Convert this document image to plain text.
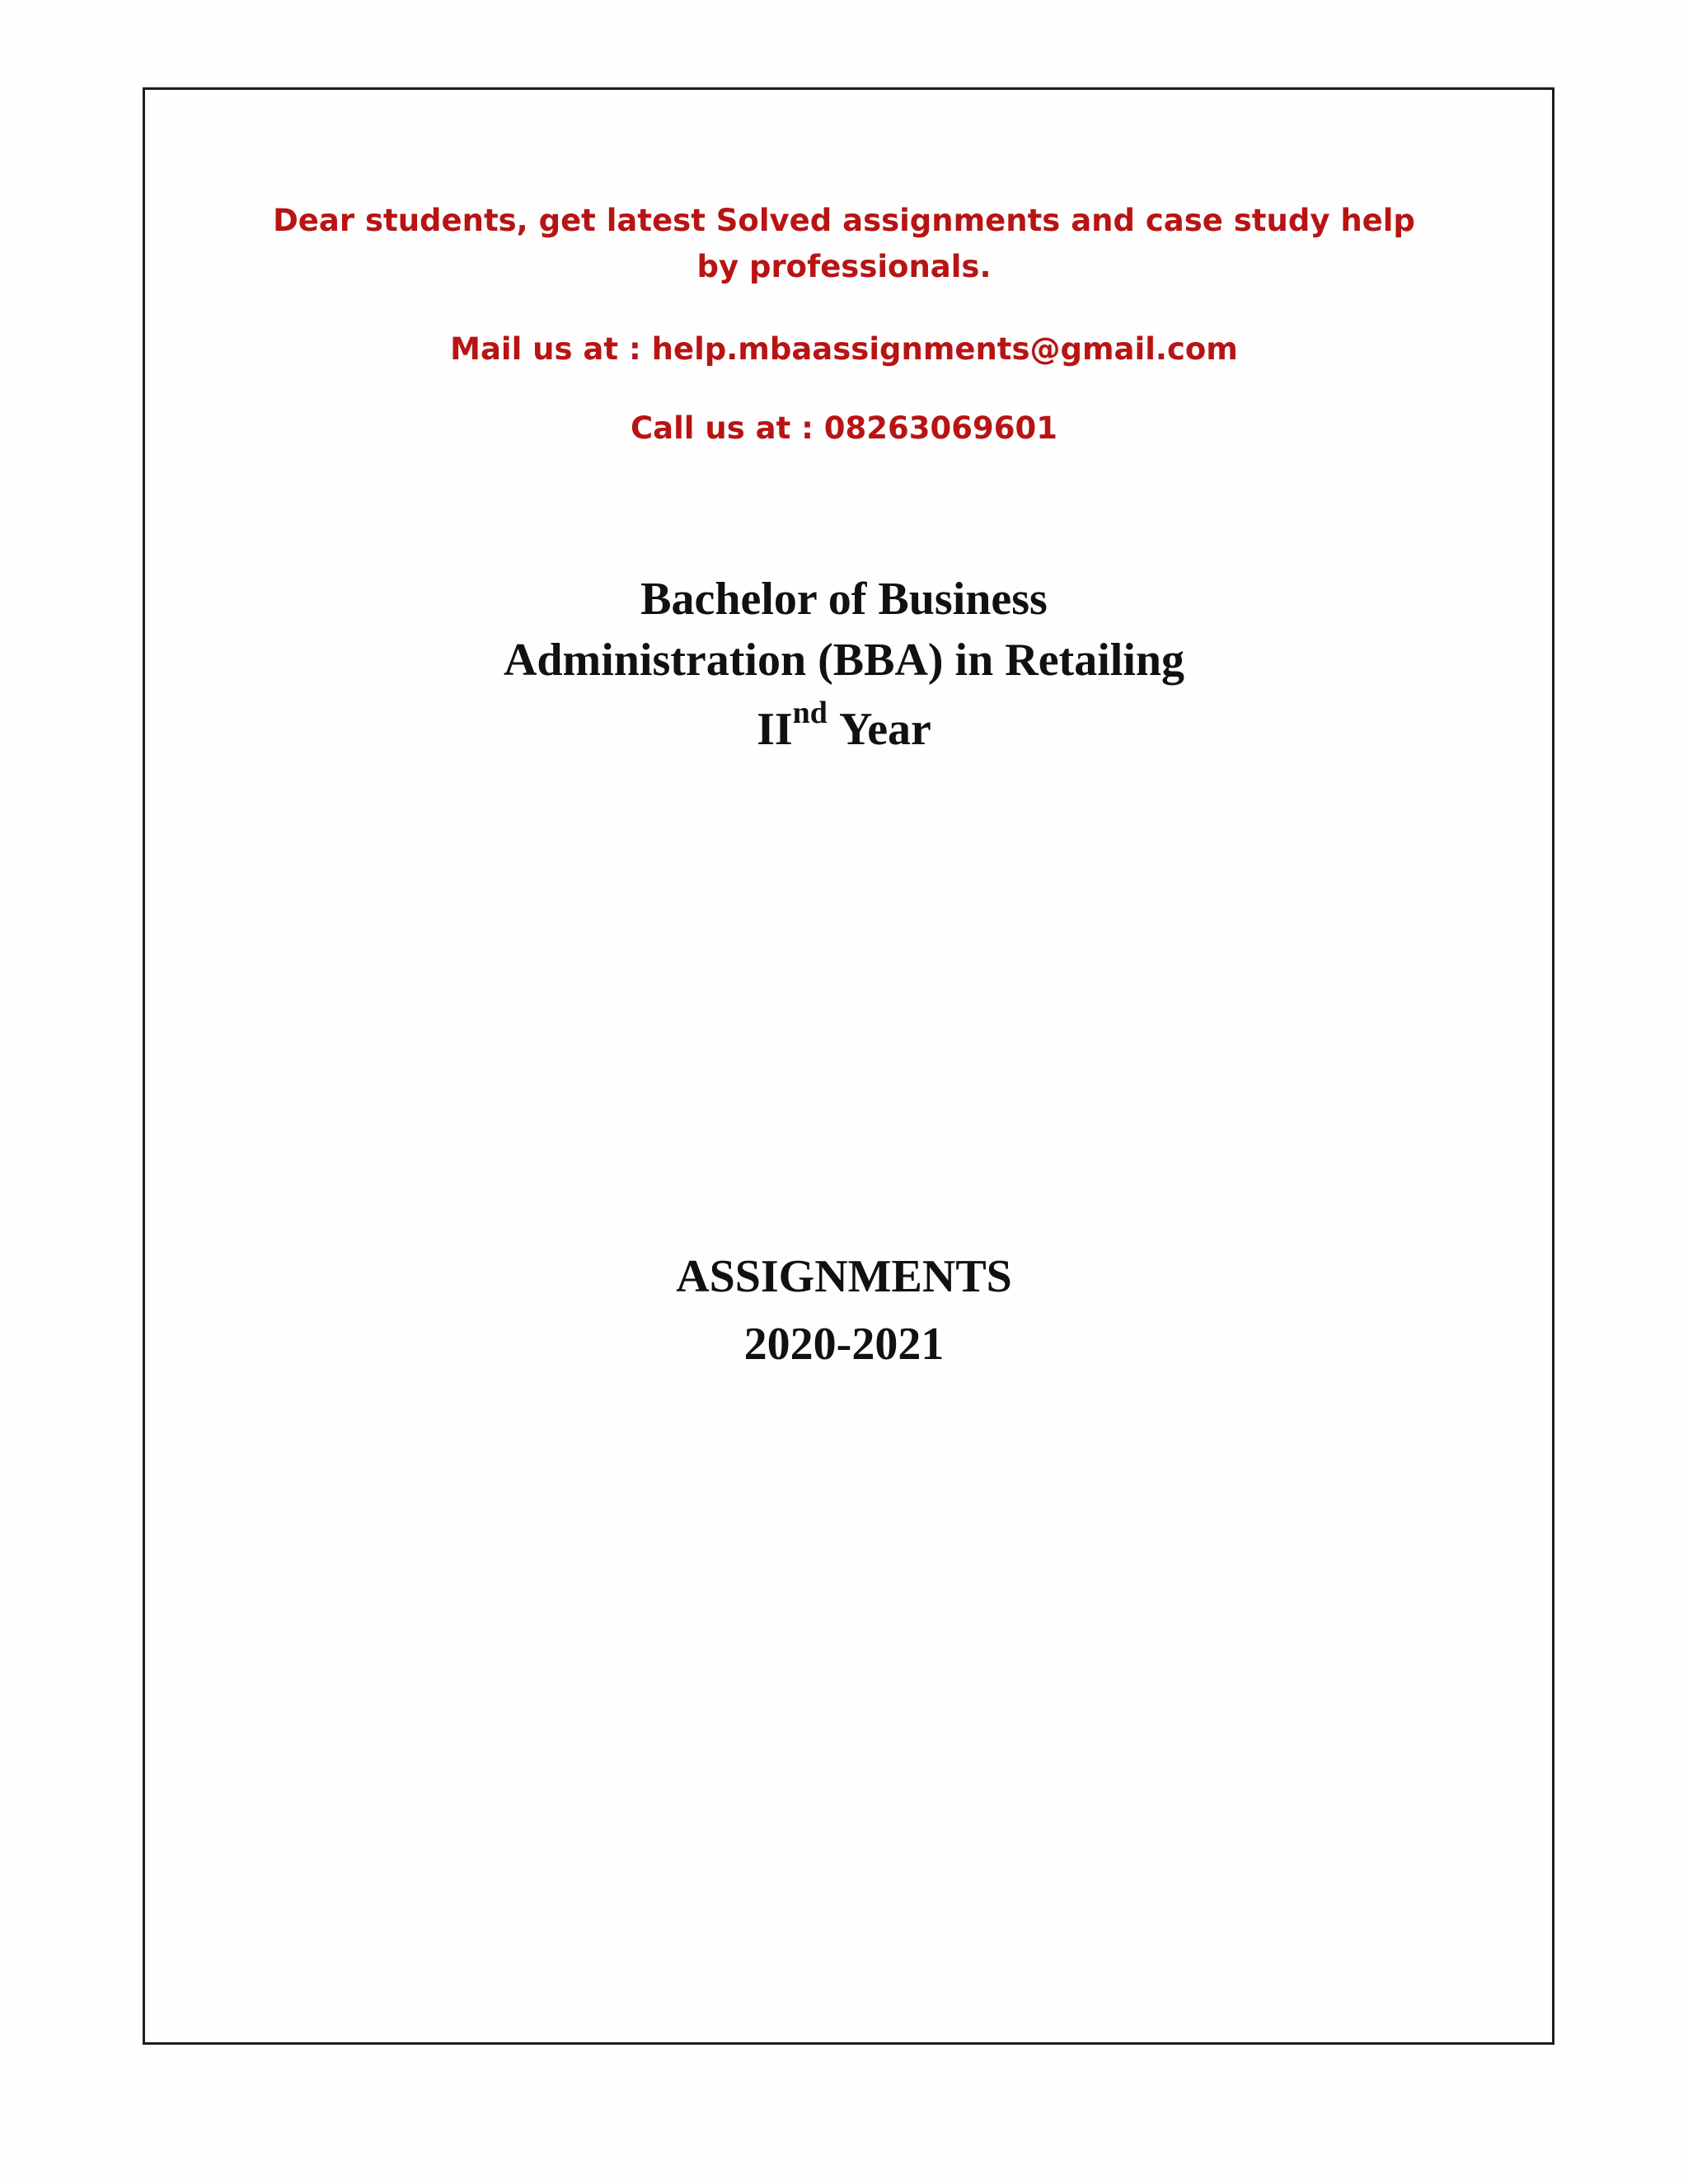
Dear students, get latest Solved assignments and case study help by professionals.
Mail us at : help.mbaassignments@gmail.com
Call us at : 08263069601
Bachelor of Business
Administration (BBA) in Retailing
IInd Year
ASSIGNMENTS
2020-2021
